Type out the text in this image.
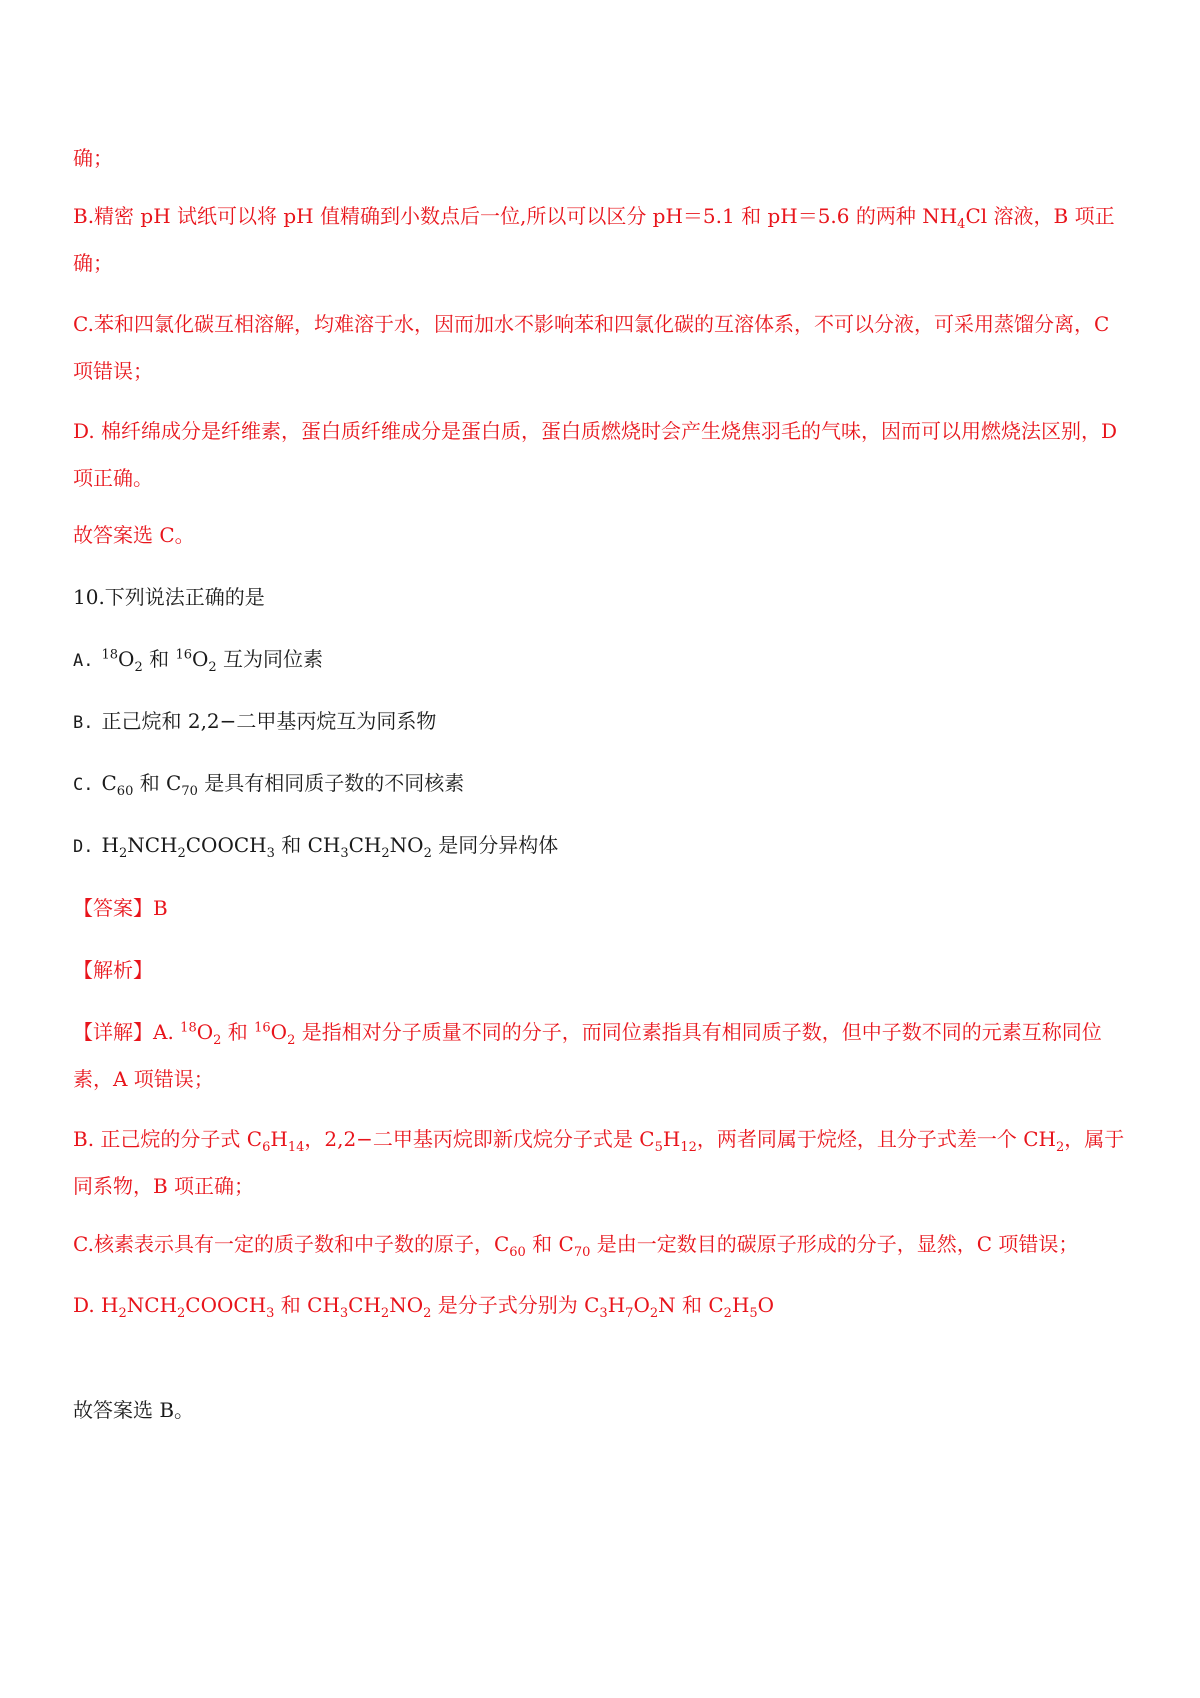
确；

B.精密 pH 试纸可以将 pH 值精确到小数点后一位,所以可以区分 pH＝5.1 和 pH＝5.6 的两种 $NH_4Cl$ 溶液，B 项正确；

C.苯和四氯化碳互相溶解，均难溶于水，因而加水不影响苯和四氯化碳的互溶体系，不可以分液，可采用蒸馏分离，C 项错误；

D. 棉纤绵成分是纤维素，蛋白质纤维成分是蛋白质，蛋白质燃烧时会产生烧焦羽毛的气味，因而可以用燃烧法区别，D 项正确。

故答案选 C。

10.下列说法正确的是

A. $^{18}O_2$ 和 $^{16}O_2$ 互为同位素

B. 正己烷和 2,2−二甲基丙烷互为同系物

C. $C_{60}$ 和 $C_{70}$ 是具有相同质子数的不同核素

D. $H_2NCH_2COOCH_3$ 和 $CH_3CH_2NO_2$ 是同分异构体

【答案】B

【解析】

【详解】A. $^{18}O_2$ 和 $^{16}O_2$ 是指相对分子质量不同的分子，而同位素指具有相同质子数，但中子数不同的元素互称同位素，A 项错误；

B. 正己烷的分子式 $C_6H_{14}$，2,2−二甲基丙烷即新戊烷分子式是 $C_5H_{12}$，两者同属于烷烃，且分子式差一个 $CH_2$，属于同系物，B 项正确；

C.核素表示具有一定的质子数和中子数的原子，$C_{60}$ 和 $C_{70}$ 是由一定数目的碳原子形成的分子，显然，C 项错误；

D. $H_2NCH_2COOCH_3$ 和 $CH_3CH_2NO_2$ 是分子式分别为 $C_3H_7O_2N$ 和 $C_2H_5O$

故答案选 B。
